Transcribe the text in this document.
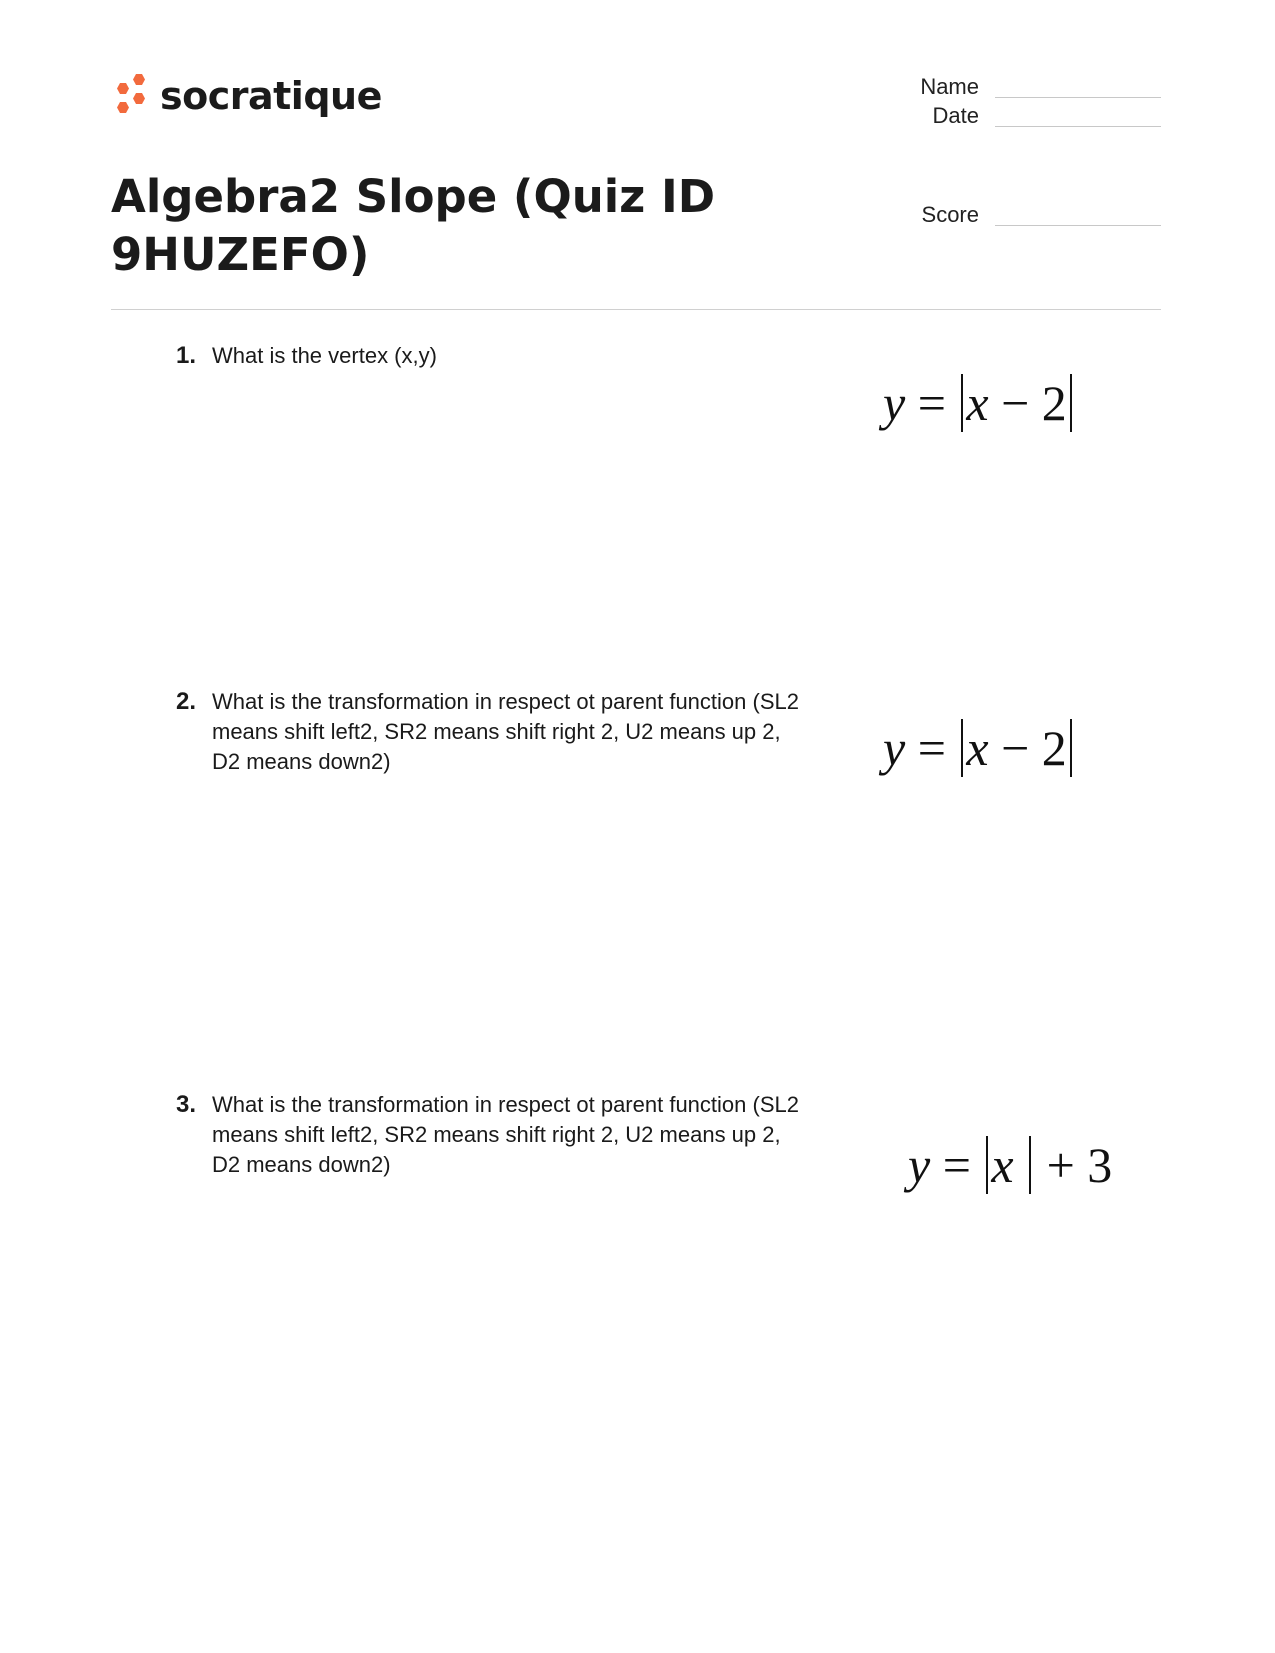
socratique	Name
Date
Score
Algebra2 Slope (Quiz ID 9HUZEFO)
1. What is the vertex (x,y)
y = x − 2
2. What is the transformation in respect ot parent function (SL2 means shift left2, SR2 means shift right 2, U2 means up 2, D2 means down2)	y = x − 2
3. What is the transformation in respect ot parent function (SL2 means shift left2, SR2 means shift right 2, U2 means up 2, D2 means down2)	y = x + 3
